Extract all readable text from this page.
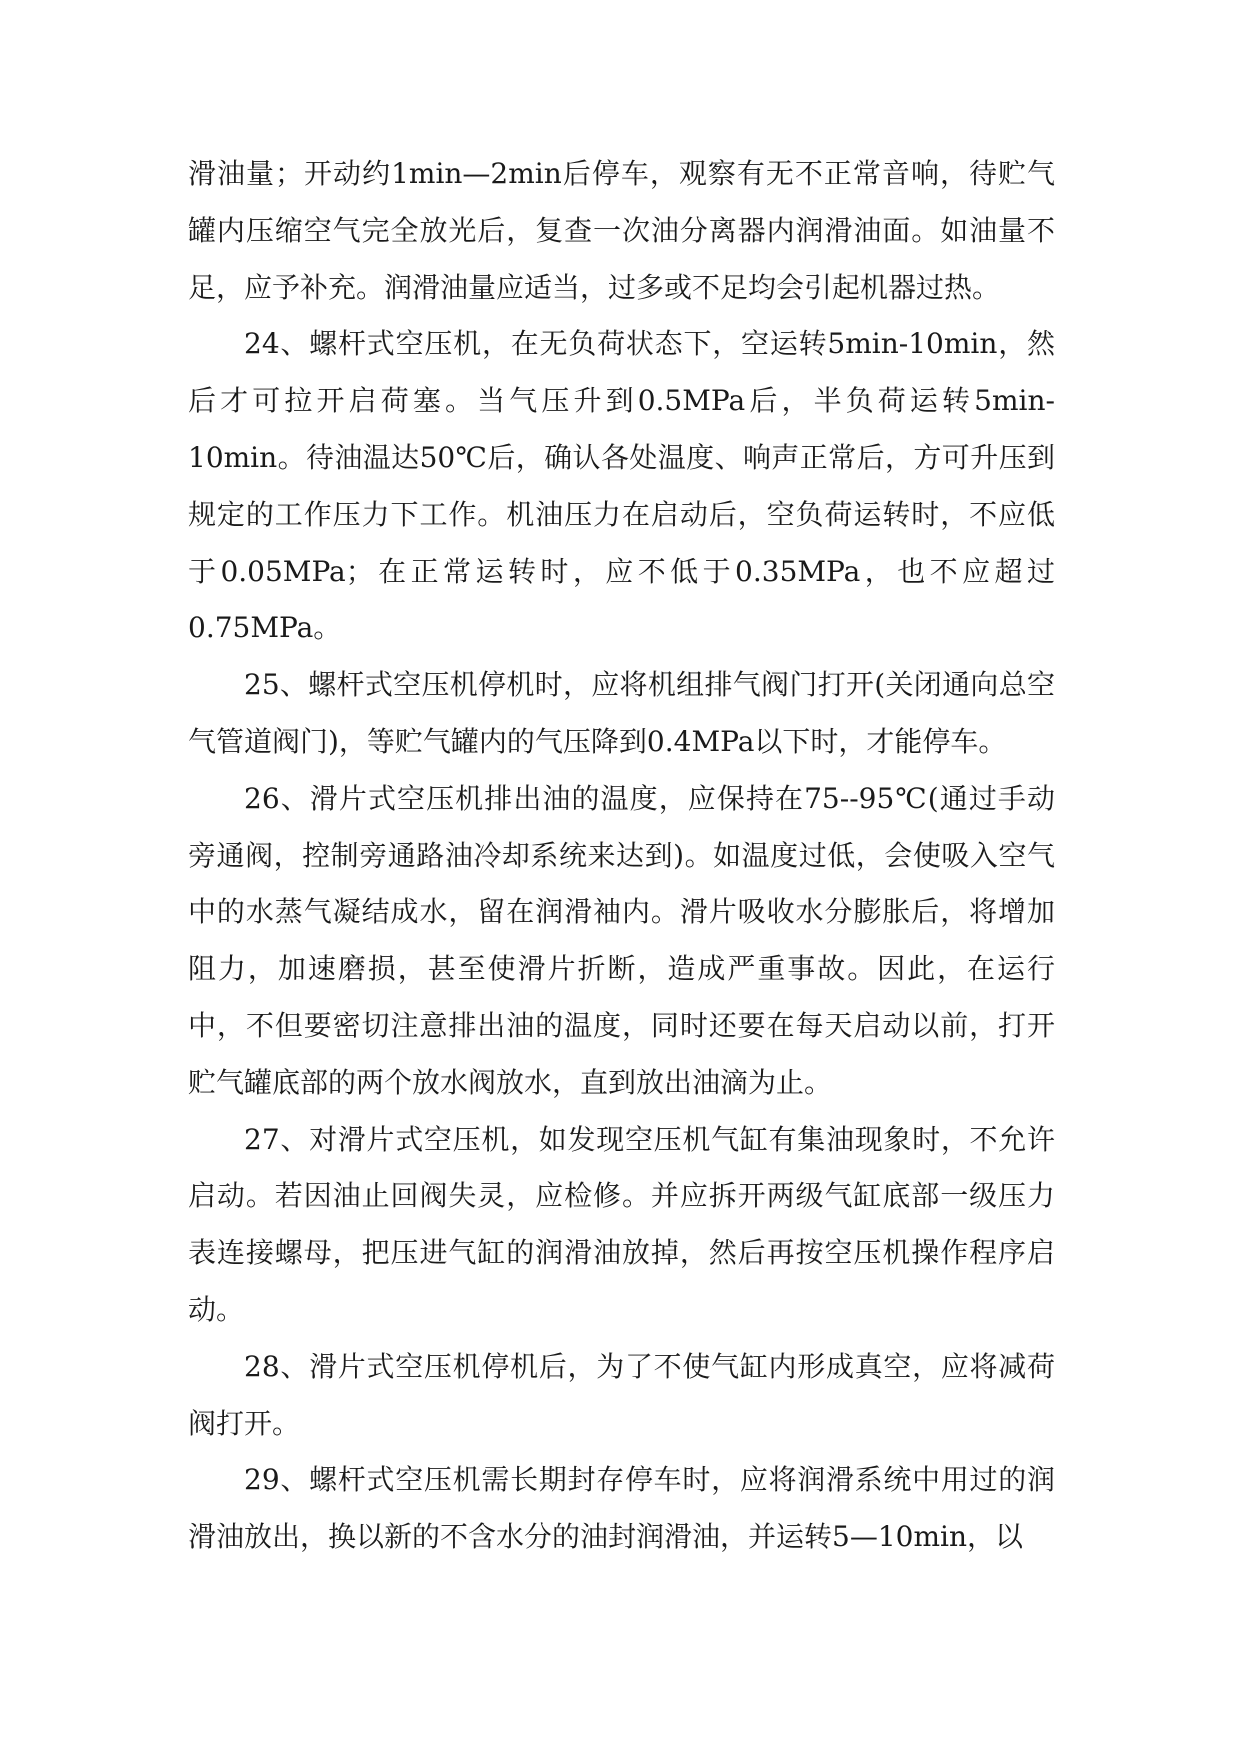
滑油量；开动约1min—2min后停车，观察有无不正常音响，待贮气罐内压缩空气完全放光后，复查一次油分离器内润滑油面。如油量不足，应予补充。润滑油量应适当，过多或不足均会引起机器过热。

24、螺杆式空压机，在无负荷状态下，空运转5min-10min，然后才可拉开启荷塞。当气压升到0.5MPa后，半负荷运转5min-10min。待油温达50℃后，确认各处温度、响声正常后，方可升压到规定的工作压力下工作。机油压力在启动后，空负荷运转时，不应低于0.05MPa；在正常运转时，应不低于0.35MPa，也不应超过0.75MPa。

25、螺杆式空压机停机时，应将机组排气阀门打开(关闭通向总空气管道阀门)，等贮气罐内的气压降到0.4MPa以下时，才能停车。

26、滑片式空压机排出油的温度，应保持在75--95℃(通过手动旁通阀，控制旁通路油冷却系统来达到)。如温度过低，会使吸入空气中的水蒸气凝结成水，留在润滑袖内。滑片吸收水分膨胀后，将增加阻力，加速磨损，甚至使滑片折断，造成严重事故。因此，在运行中，不但要密切注意排出油的温度，同时还要在每天启动以前，打开贮气罐底部的两个放水阀放水，直到放出油滴为止。

27、对滑片式空压机，如发现空压机气缸有集油现象时，不允许启动。若因油止回阀失灵，应检修。并应拆开两级气缸底部一级压力表连接螺母，把压进气缸的润滑油放掉，然后再按空压机操作程序启动。

28、滑片式空压机停机后，为了不使气缸内形成真空，应将减荷阀打开。

29、螺杆式空压机需长期封存停车时，应将润滑系统中用过的润滑油放出，换以新的不含水分的油封润滑油，并运转5—10min，以
